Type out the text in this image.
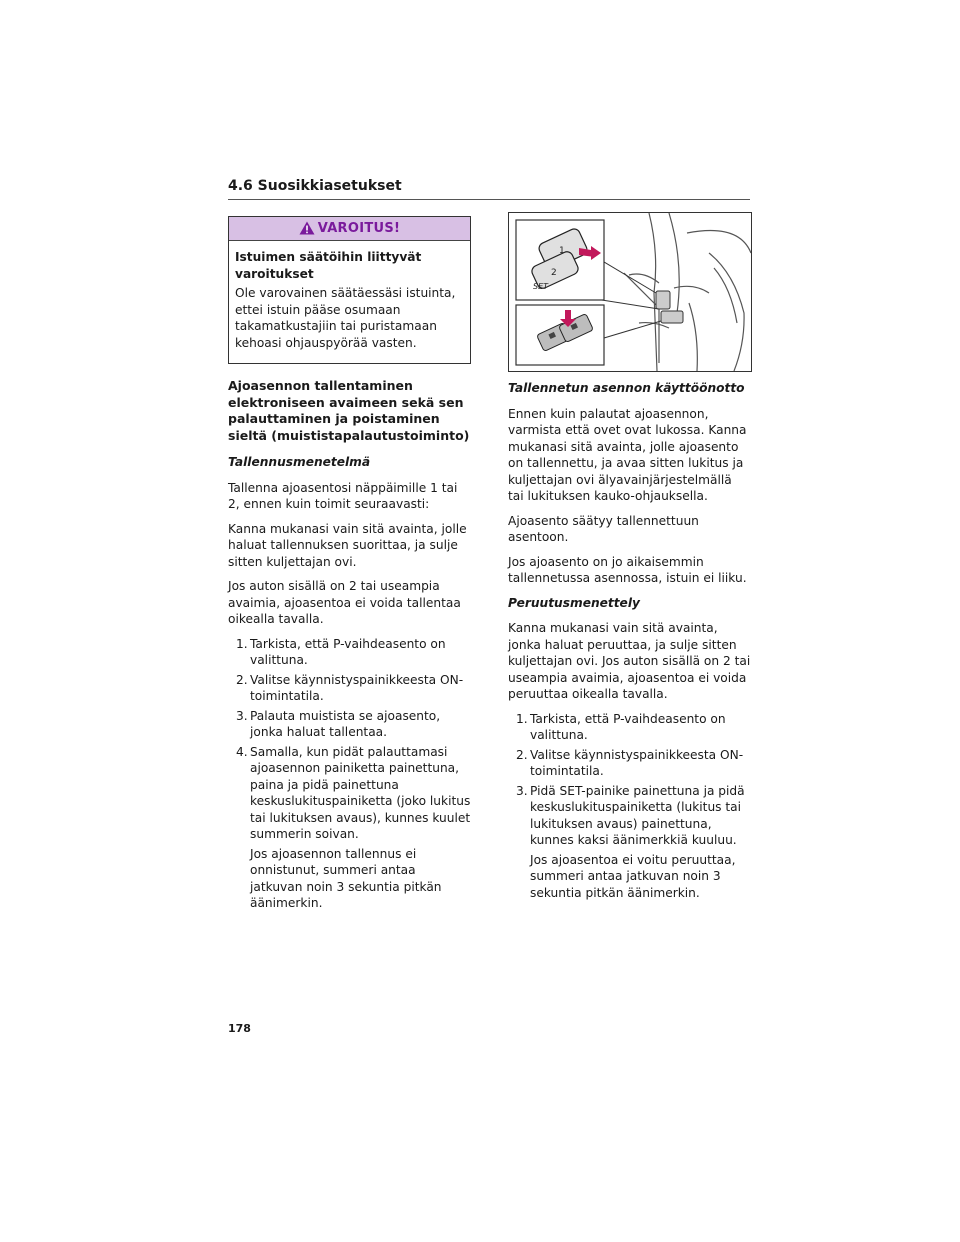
4.6 Suosikkiasetukset
VAROITUS!
Istuimen säätöihin liittyvät varoitukset

Ole varovainen säätäessäsi istuinta, ettei istuin pääse osumaan takamatkustajiin tai puristamaan kehoasi ohjauspyörää vasten.

Ajoasennon tallentaminen elektroniseen avaimeen sekä sen palauttaminen ja poistaminen sieltä (muististapalautustoiminto)
Tallennusmenetelmä

Tallenna ajoasentosi näppäimille 1 tai 2, ennen kuin toimit seuraavasti:

Kanna mukanasi vain sitä avainta, jolle haluat tallennuksen suorittaa, ja sulje sitten kuljettajan ovi.

Jos auton sisällä on 2 tai useampia avaimia, ajoasentoa ei voida tallentaa oikealla tavalla.

1. Tarkista, että P-vaihdeasento on valittuna.
2. Valitse käynnistyspainikkeesta ON-toimintatila.
3. Palauta muistista se ajoasento, jonka haluat tallentaa.
4. Samalla, kun pidät palauttamasi ajoasennon painiketta painettuna, paina ja pidä painettuna keskuslukituspainiketta (joko lukitus tai lukituksen avaus), kunnes kuulet summerin soivan.
Jos ajoasennon tallennus ei onnistunut, summeri antaa jatkuvan noin 3 sekuntia pitkän äänimerkin.
1
2
SET
Tallennetun asennon käyttöönotto

Ennen kuin palautat ajoasennon, varmista että ovet ovat lukossa. Kanna mukanasi sitä avainta, jolle ajoasento on tallennettu, ja avaa sitten lukitus ja kuljettajan ovi älyavainjärjestelmällä tai lukituksen kauko-ohjauksella.

Ajoasento säätyy tallennettuun asentoon.

Jos ajoasento on jo aikaisemmin tallennetussa asennossa, istuin ei liiku.

Peruutusmenettely

Kanna mukanasi vain sitä avainta, jonka haluat peruuttaa, ja sulje sitten kuljettajan ovi. Jos auton sisällä on 2 tai useampia avaimia, ajoasentoa ei voida peruuttaa oikealla tavalla.

1. Tarkista, että P-vaihdeasento on valittuna.
2. Valitse käynnistyspainikkeesta ON-toimintatila.
3. Pidä SET-painike painettuna ja pidä keskuslukituspainiketta (lukitus tai lukituksen avaus) painettuna, kunnes kaksi äänimerkkiä kuuluu.
Jos ajoasentoa ei voitu peruuttaa, summeri antaa jatkuvan noin 3 sekuntia pitkän äänimerkin.
178
